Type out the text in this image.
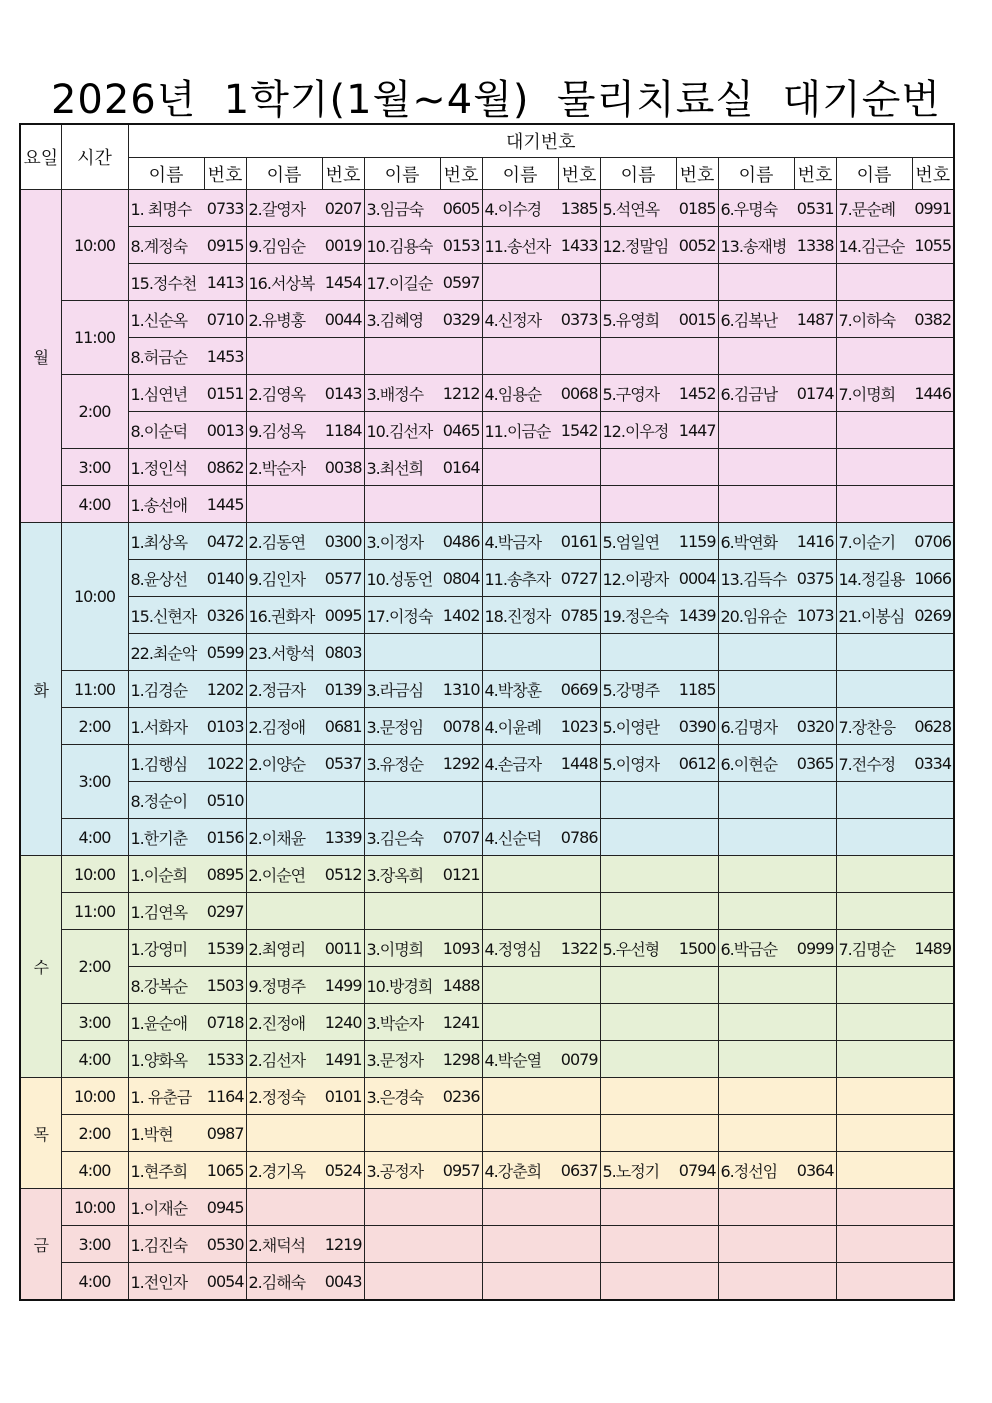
2026년  1학기(1월~4월)  물리치료실  대기순번
요일	시간	대기번호													
		이름	번호	이름	번호	이름	번호	이름	번호	이름	번호	이름	번호	이름	번호
월	10:00	1. 최명수	0733	2.갈영자	0207	3.임금숙	0605	4.이수경	1385	5.석연옥	0185	6.우명숙	0531	7.문순례	0991
		8.계정숙	0915	9.김임순	0019	10.김용숙	0153	11.송선자	1433	12.정말임	0052	13.송재병	1338	14.김근순	1055
		15.정수천	1413	16.서상복	1454	17.이길순	0597								
	11:00	1.신순옥	0710	2.유병홍	0044	3.김혜영	0329	4.신정자	0373	5.유영희	0015	6.김복난	1487	7.이하숙	0382
		8.허금순	1453												
	2:00	1.심연년	0151	2.김영옥	0143	3.배정수	1212	4.임용순	0068	5.구영자	1452	6.김금남	0174	7.이명희	1446
		8.이순덕	0013	9.김성옥	1184	10.김선자	0465	11.이금순	1542	12.이우정	1447				
	3:00	1.정인석	0862	2.박순자	0038	3.최선희	0164								
	4:00	1.송선애	1445												
화	10:00	1.최상옥	0472	2.김동연	0300	3.이정자	0486	4.박금자	0161	5.엄일연	1159	6.박연화	1416	7.이순기	0706
		8.윤상선	0140	9.김인자	0577	10.성동언	0804	11.송추자	0727	12.이광자	0004	13.김득수	0375	14.정길용	1066
		15.신현자	0326	16.권화자	0095	17.이정숙	1402	18.진정자	0785	19.정은숙	1439	20.임유순	1073	21.이봉심	0269
		22.최순악	0599	23.서항석	0803										
	11:00	1.김경순	1202	2.정금자	0139	3.라금심	1310	4.박창훈	0669	5.강명주	1185				
	2:00	1.서화자	0103	2.김정애	0681	3.문정임	0078	4.이윤례	1023	5.이영란	0390	6.김명자	0320	7.장찬응	0628
	3:00	1.김행심	1022	2.이양순	0537	3.유정순	1292	4.손금자	1448	5.이영자	0612	6.이현순	0365	7.전수정	0334
		8.정순이	0510												
	4:00	1.한기춘	0156	2.이채윤	1339	3.김은숙	0707	4.신순덕	0786						
수	10:00	1.이순희	0895	2.이순연	0512	3.장옥희	0121								
	11:00	1.김연옥	0297												
	2:00	1.강영미	1539	2.최영리	0011	3.이명희	1093	4.정영심	1322	5.우선형	1500	6.박금순	0999	7.김명순	1489
		8.강복순	1503	9.정명주	1499	10.방경희	1488								
	3:00	1.윤순애	0718	2.진정애	1240	3.박순자	1241								
	4:00	1.양화옥	1533	2.김선자	1491	3.문정자	1298	4.박순열	0079						
목	10:00	1. 유춘금	1164	2.정정숙	0101	3.은경숙	0236								
	2:00	1.박현	0987												
	4:00	1.현주희	1065	2.경기옥	0524	3.공정자	0957	4.강춘희	0637	5.노정기	0794	6.정선임	0364		
금	10:00	1.이재순	0945												
	3:00	1.김진숙	0530	2.채덕석	1219										
	4:00	1.전인자	0054	2.김해숙	0043										
